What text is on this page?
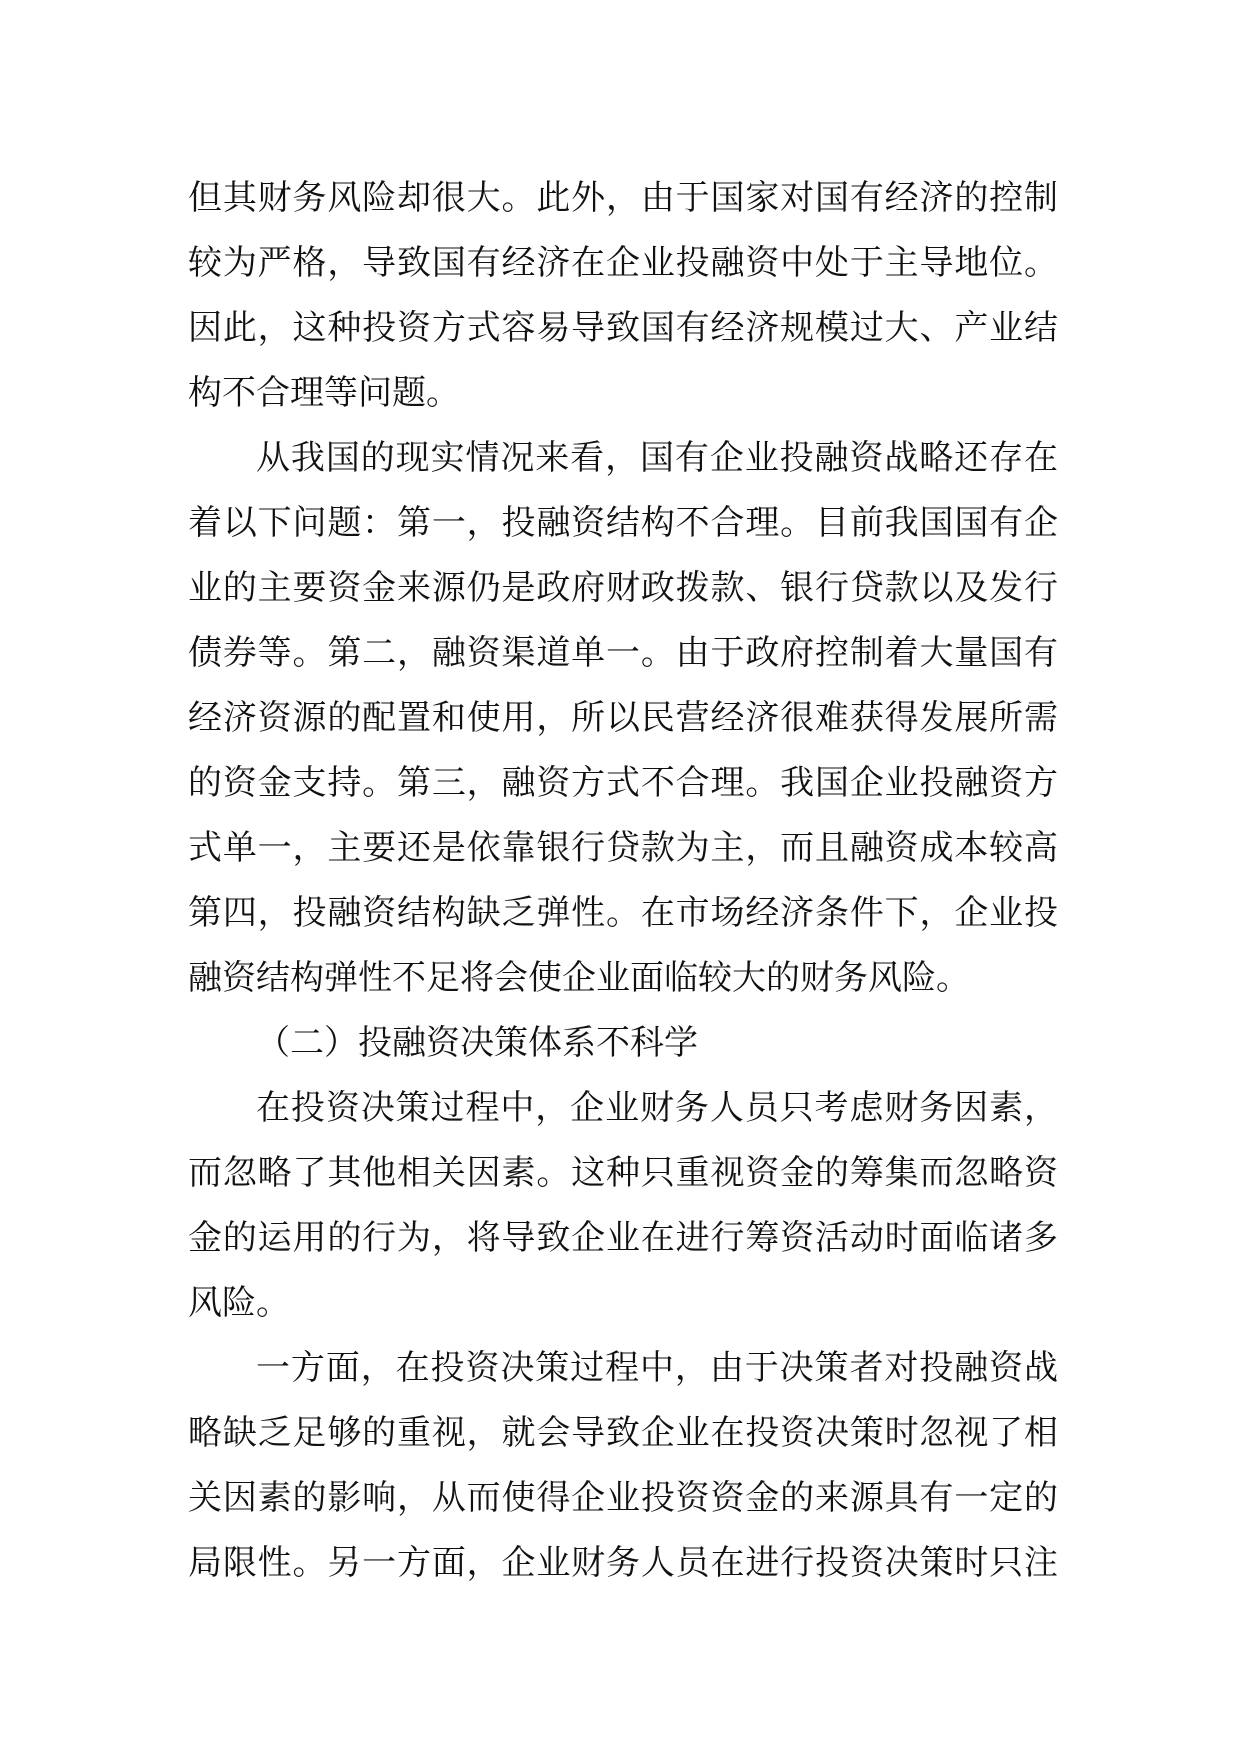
但其财务风险却很大。此外，由于国家对国有经济的控制
较为严格，导致国有经济在企业投融资中处于主导地位。
因此，这种投资方式容易导致国有经济规模过大、产业结
构不合理等问题。
从我国的现实情况来看，国有企业投融资战略还存在
着以下问题：第一，投融资结构不合理。目前我国国有企
业的主要资金来源仍是政府财政拨款、银行贷款以及发行
债券等。第二，融资渠道单一。由于政府控制着大量国有
经济资源的配置和使用，所以民营经济很难获得发展所需
的资金支持。第三，融资方式不合理。我国企业投融资方
式单一，主要还是依靠银行贷款为主，而且融资成本较高
第四，投融资结构缺乏弹性。在市场经济条件下，企业投
融资结构弹性不足将会使企业面临较大的财务风险。
（二）投融资决策体系不科学
在投资决策过程中，企业财务人员只考虑财务因素，
而忽略了其他相关因素。这种只重视资金的筹集而忽略资
金的运用的行为，将导致企业在进行筹资活动时面临诸多
风险。
一方面，在投资决策过程中，由于决策者对投融资战
略缺乏足够的重视，就会导致企业在投资决策时忽视了相
关因素的影响，从而使得企业投资资金的来源具有一定的
局限性。另一方面，企业财务人员在进行投资决策时只注
